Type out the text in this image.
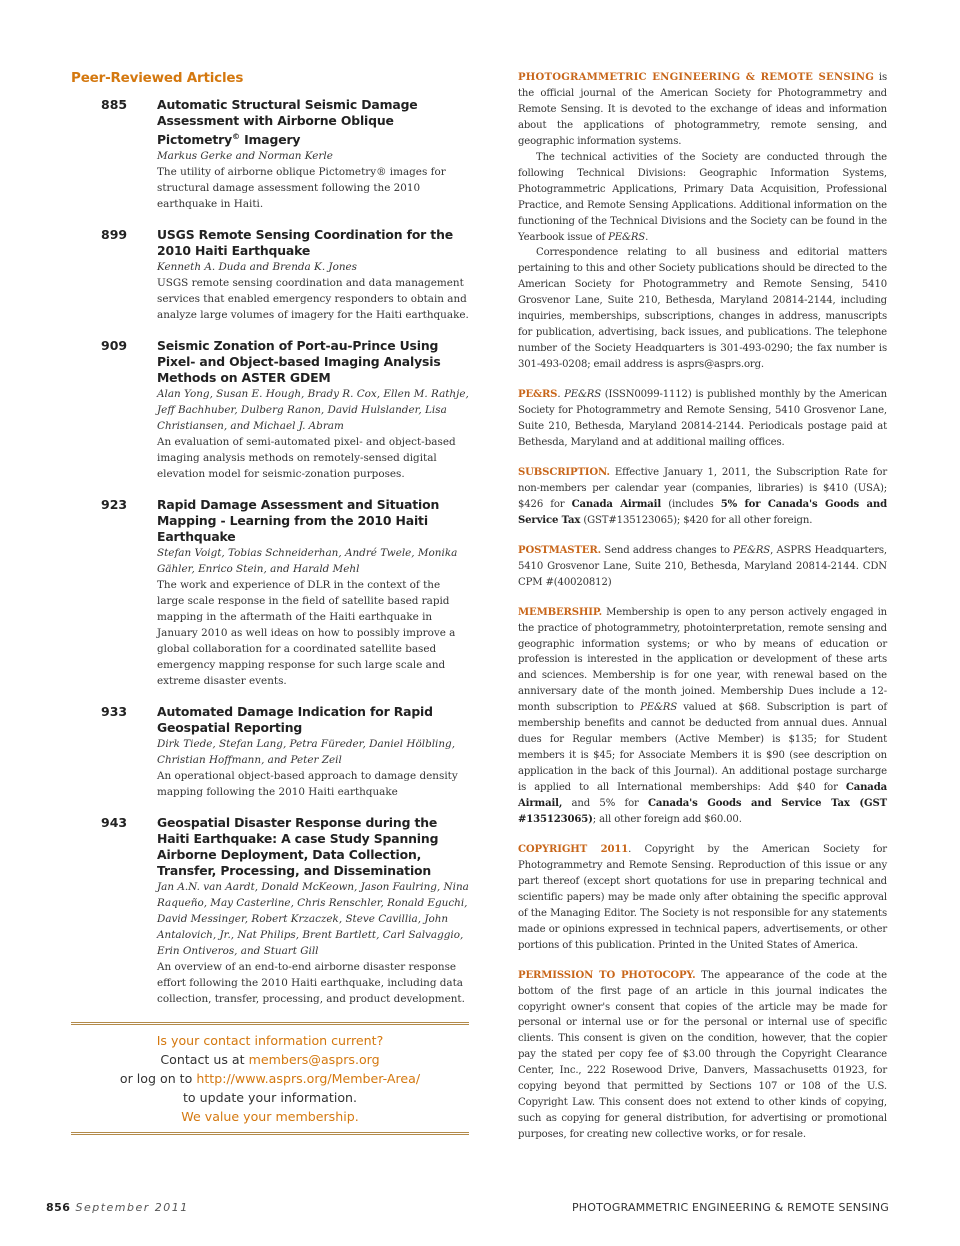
Peer-Reviewed Articles
885 Automatic Structural Seismic Damage Assessment with Airborne Oblique Pictometry© Imagery
Markus Gerke and Norman Kerle
The utility of airborne oblique Pictometry® images for structural damage assessment following the 2010 earthquake in Haiti.
899 USGS Remote Sensing Coordination for the 2010 Haiti Earthquake
Kenneth A. Duda and Brenda K. Jones
USGS remote sensing coordination and data management services that enabled emergency responders to obtain and analyze large volumes of imagery for the Haiti earthquake.
909 Seismic Zonation of Port-au-Prince Using Pixel- and Object-based Imaging Analysis Methods on ASTER GDEM
Alan Yong, Susan E. Hough, Brady R. Cox, Ellen M. Rathje, Jeff Bachhuber, Dulberg Ranon, David Hulslander, Lisa Christiansen, and Michael J. Abram
An evaluation of semi-automated pixel- and object-based imaging analysis methods on remotely-sensed digital elevation model for seismic-zonation purposes.
923 Rapid Damage Assessment and Situation Mapping - Learning from the 2010 Haiti Earthquake
Stefan Voigt, Tobias Schneiderhan, André Twele, Monika Gähler, Enrico Stein, and Harald Mehl
The work and experience of DLR in the context of the large scale response in the field of satellite based rapid mapping in the aftermath of the Haiti earthquake in January 2010 as well ideas on how to possibly improve a global collaboration for a coordinated satellite based emergency mapping response for such large scale and extreme disaster events.
933 Automated Damage Indication for Rapid Geospatial Reporting
Dirk Tiede, Stefan Lang, Petra Füreder, Daniel Hölbling, Christian Hoffmann, and Peter Zeil
An operational object-based approach to damage density mapping following the 2010 Haiti earthquake
943 Geospatial Disaster Response during the Haiti Earthquake: A case Study Spanning Airborne Deployment, Data Collection, Transfer, Processing, and Dissemination
Jan A.N. van Aardt, Donald McKeown, Jason Faulring, Nina Raqueño, May Casterline, Chris Renschler, Ronald Eguchi, David Messinger, Robert Krzaczek, Steve Cavillia, John Antalovich, Jr., Nat Philips, Brent Bartlett, Carl Salvaggio, Erin Ontiveros, and Stuart Gill
An overview of an end-to-end airborne disaster response effort following the 2010 Haiti earthquake, including data collection, transfer, processing, and product development.
Is your contact information current?
Contact us at members@asprs.org
or log on to http://www.asprs.org/Member-Area/
to update your information.
We value your membership.

PHOTOGRAMMETRIC ENGINEERING & REMOTE SENSING is the official journal of the American Society for Photogrammetry and Remote Sensing. It is devoted to the exchange of ideas and information about the applications of photogrammetry, remote sensing, and geographic information systems.

The technical activities of the Society are conducted through the following Technical Divisions: Geographic Information Systems, Photogrammetric Applications, Primary Data Acquisition, Professional Practice, and Remote Sensing Applications. Additional information on the functioning of the Technical Divisions and the Society can be found in the Yearbook issue of PE&RS.

Correspondence relating to all business and editorial matters pertaining to this and other Society publications should be directed to the American Society for Photogrammetry and Remote Sensing, 5410 Grosvenor Lane, Suite 210, Bethesda, Maryland 20814-2144, including inquiries, memberships, subscriptions, changes in address, manuscripts for publication, advertising, back issues, and publications. The telephone number of the Society Headquarters is 301-493-0290; the fax number is 301-493-0208; email address is asprs@asprs.org.

PE&RS. PE&RS (ISSN0099-1112) is published monthly by the American Society for Photogrammetry and Remote Sensing, 5410 Grosvenor Lane, Suite 210, Bethesda, Maryland 20814-2144. Periodicals postage paid at Bethesda, Maryland and at additional mailing offices.

SUBSCRIPTION. Effective January 1, 2011, the Subscription Rate for non-members per calendar year (companies, libraries) is $410 (USA); $426 for Canada Airmail (includes 5% for Canada's Goods and Service Tax (GST#135123065); $420 for all other foreign.

POSTMASTER. Send address changes to PE&RS, ASPRS Headquarters, 5410 Grosvenor Lane, Suite 210, Bethesda, Maryland 20814-2144. CDN CPM #(40020812)

MEMBERSHIP. Membership is open to any person actively engaged in the practice of photogrammetry, photointerpretation, remote sensing and geographic information systems; or who by means of education or profession is interested in the application or development of these arts and sciences. Membership is for one year, with renewal based on the anniversary date of the month joined. Membership Dues include a 12-month subscription to PE&RS valued at $68. Subscription is part of membership benefits and cannot be deducted from annual dues. Annual dues for Regular members (Active Member) is $135; for Student members it is $45; for Associate Members it is $90 (see description on application in the back of this Journal). An additional postage surcharge is applied to all International memberships: Add $40 for Canada Airmail, and 5% for Canada's Goods and Service Tax (GST #135123065); all other foreign add $60.00.

COPYRIGHT 2011. Copyright by the American Society for Photogrammetry and Remote Sensing. Reproduction of this issue or any part thereof (except short quotations for use in preparing technical and scientific papers) may be made only after obtaining the specific approval of the Managing Editor. The Society is not responsible for any statements made or opinions expressed in technical papers, advertisements, or other portions of this publication. Printed in the United States of America.

PERMISSION TO PHOTOCOPY. The appearance of the code at the bottom of the first page of an article in this journal indicates the copyright owner's consent that copies of the article may be made for personal or internal use or for the personal or internal use of specific clients. This consent is given on the condition, however, that the copier pay the stated per copy fee of $3.00 through the Copyright Clearance Center, Inc., 222 Rosewood Drive, Danvers, Massachusetts 01923, for copying beyond that permitted by Sections 107 or 108 of the U.S. Copyright Law. This consent does not extend to other kinds of copying, such as copying for general distribution, for advertising or promotional purposes, for creating new collective works, or for resale.

856 September 2011	PHOTOGRAMMETRIC ENGINEERING & REMOTE SENSING
